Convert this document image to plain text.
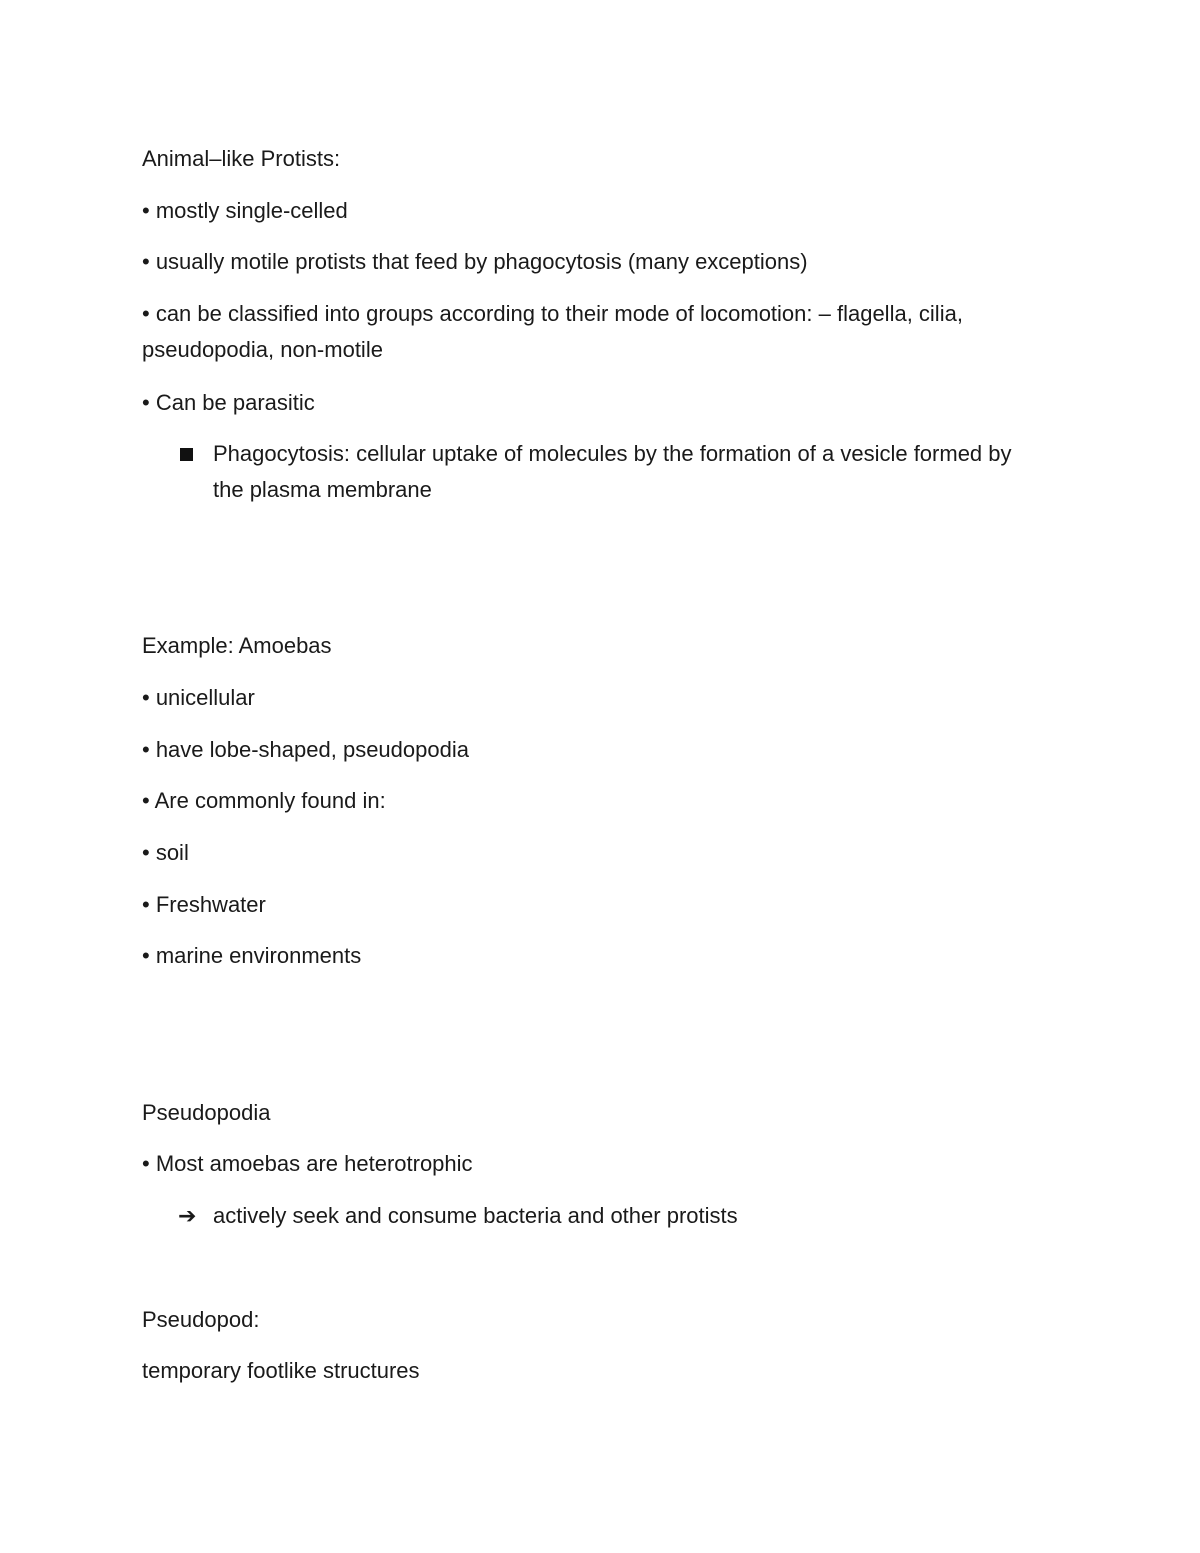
Animal–like Protists:
• mostly single-celled
• usually motile protists that feed by phagocytosis (many exceptions)
• can be classified into groups according to their mode of locomotion: – flagella, cilia, pseudopodia, non-motile
• Can be parasitic
Phagocytosis: cellular uptake of molecules by the formation of a vesicle formed by the plasma membrane
Example: Amoebas
• unicellular
• have lobe-shaped, pseudopodia
• Are commonly found in:
• soil
• Freshwater
• marine environments
Pseudopodia
• Most amoebas are heterotrophic
➔ actively seek and consume bacteria and other protists
Pseudopod:
temporary footlike structures
